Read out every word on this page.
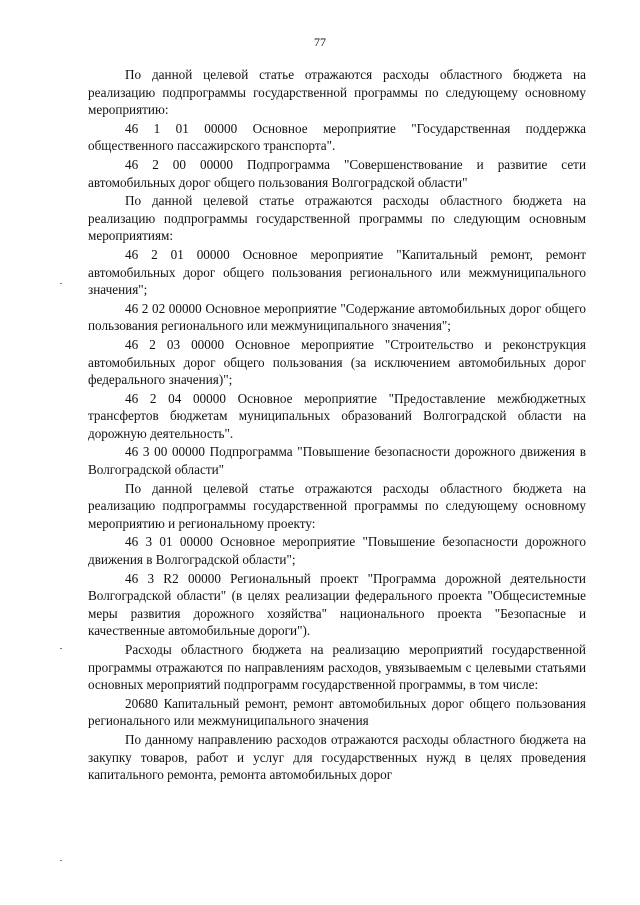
77

По данной целевой статье отражаются расходы областного бюджета на реализацию подпрограммы государственной программы по следующему основному мероприятию:

46 1 01 00000 Основное мероприятие "Государственная поддержка общественного пассажирского транспорта".

46 2 00 00000 Подпрограмма "Совершенствование и развитие сети автомобильных дорог общего пользования Волгоградской области"

По данной целевой статье отражаются расходы областного бюджета на реализацию подпрограммы государственной программы по следующим основным мероприятиям:

46 2 01 00000 Основное мероприятие "Капитальный ремонт, ремонт автомобильных дорог общего пользования регионального или межмуниципального значения";

46 2 02 00000 Основное мероприятие "Содержание автомобильных дорог общего пользования регионального или межмуниципального значения";

46 2 03 00000 Основное мероприятие "Строительство и реконструкция автомобильных дорог общего пользования (за исключением автомобильных дорог федерального значения)";

46 2 04 00000 Основное мероприятие "Предоставление межбюджетных трансфертов бюджетам муниципальных образований Волгоградской области на дорожную деятельность".

46 3 00 00000 Подпрограмма "Повышение безопасности дорожного движения в Волгоградской области"

По данной целевой статье отражаются расходы областного бюджета на реализацию подпрограммы государственной программы по следующему основному мероприятию и региональному проекту:

46 3 01 00000 Основное мероприятие "Повышение безопасности дорожного движения в Волгоградской области";

46 3 R2 00000 Региональный проект "Программа дорожной деятельности Волгоградской области" (в целях реализации федерального проекта "Общесистемные меры развития дорожного хозяйства" национального проекта "Безопасные и качественные автомобильные дороги").

Расходы областного бюджета на реализацию мероприятий государственной программы отражаются по направлениям расходов, увязываемым с целевыми статьями основных мероприятий подпрограмм государственной программы, в том числе:

20680 Капитальный ремонт, ремонт автомобильных дорог общего пользования регионального или межмуниципального значения

По данному направлению расходов отражаются расходы областного бюджета на закупку товаров, работ и услуг для государственных нужд в целях проведения капитального ремонта, ремонта автомобильных дорог
